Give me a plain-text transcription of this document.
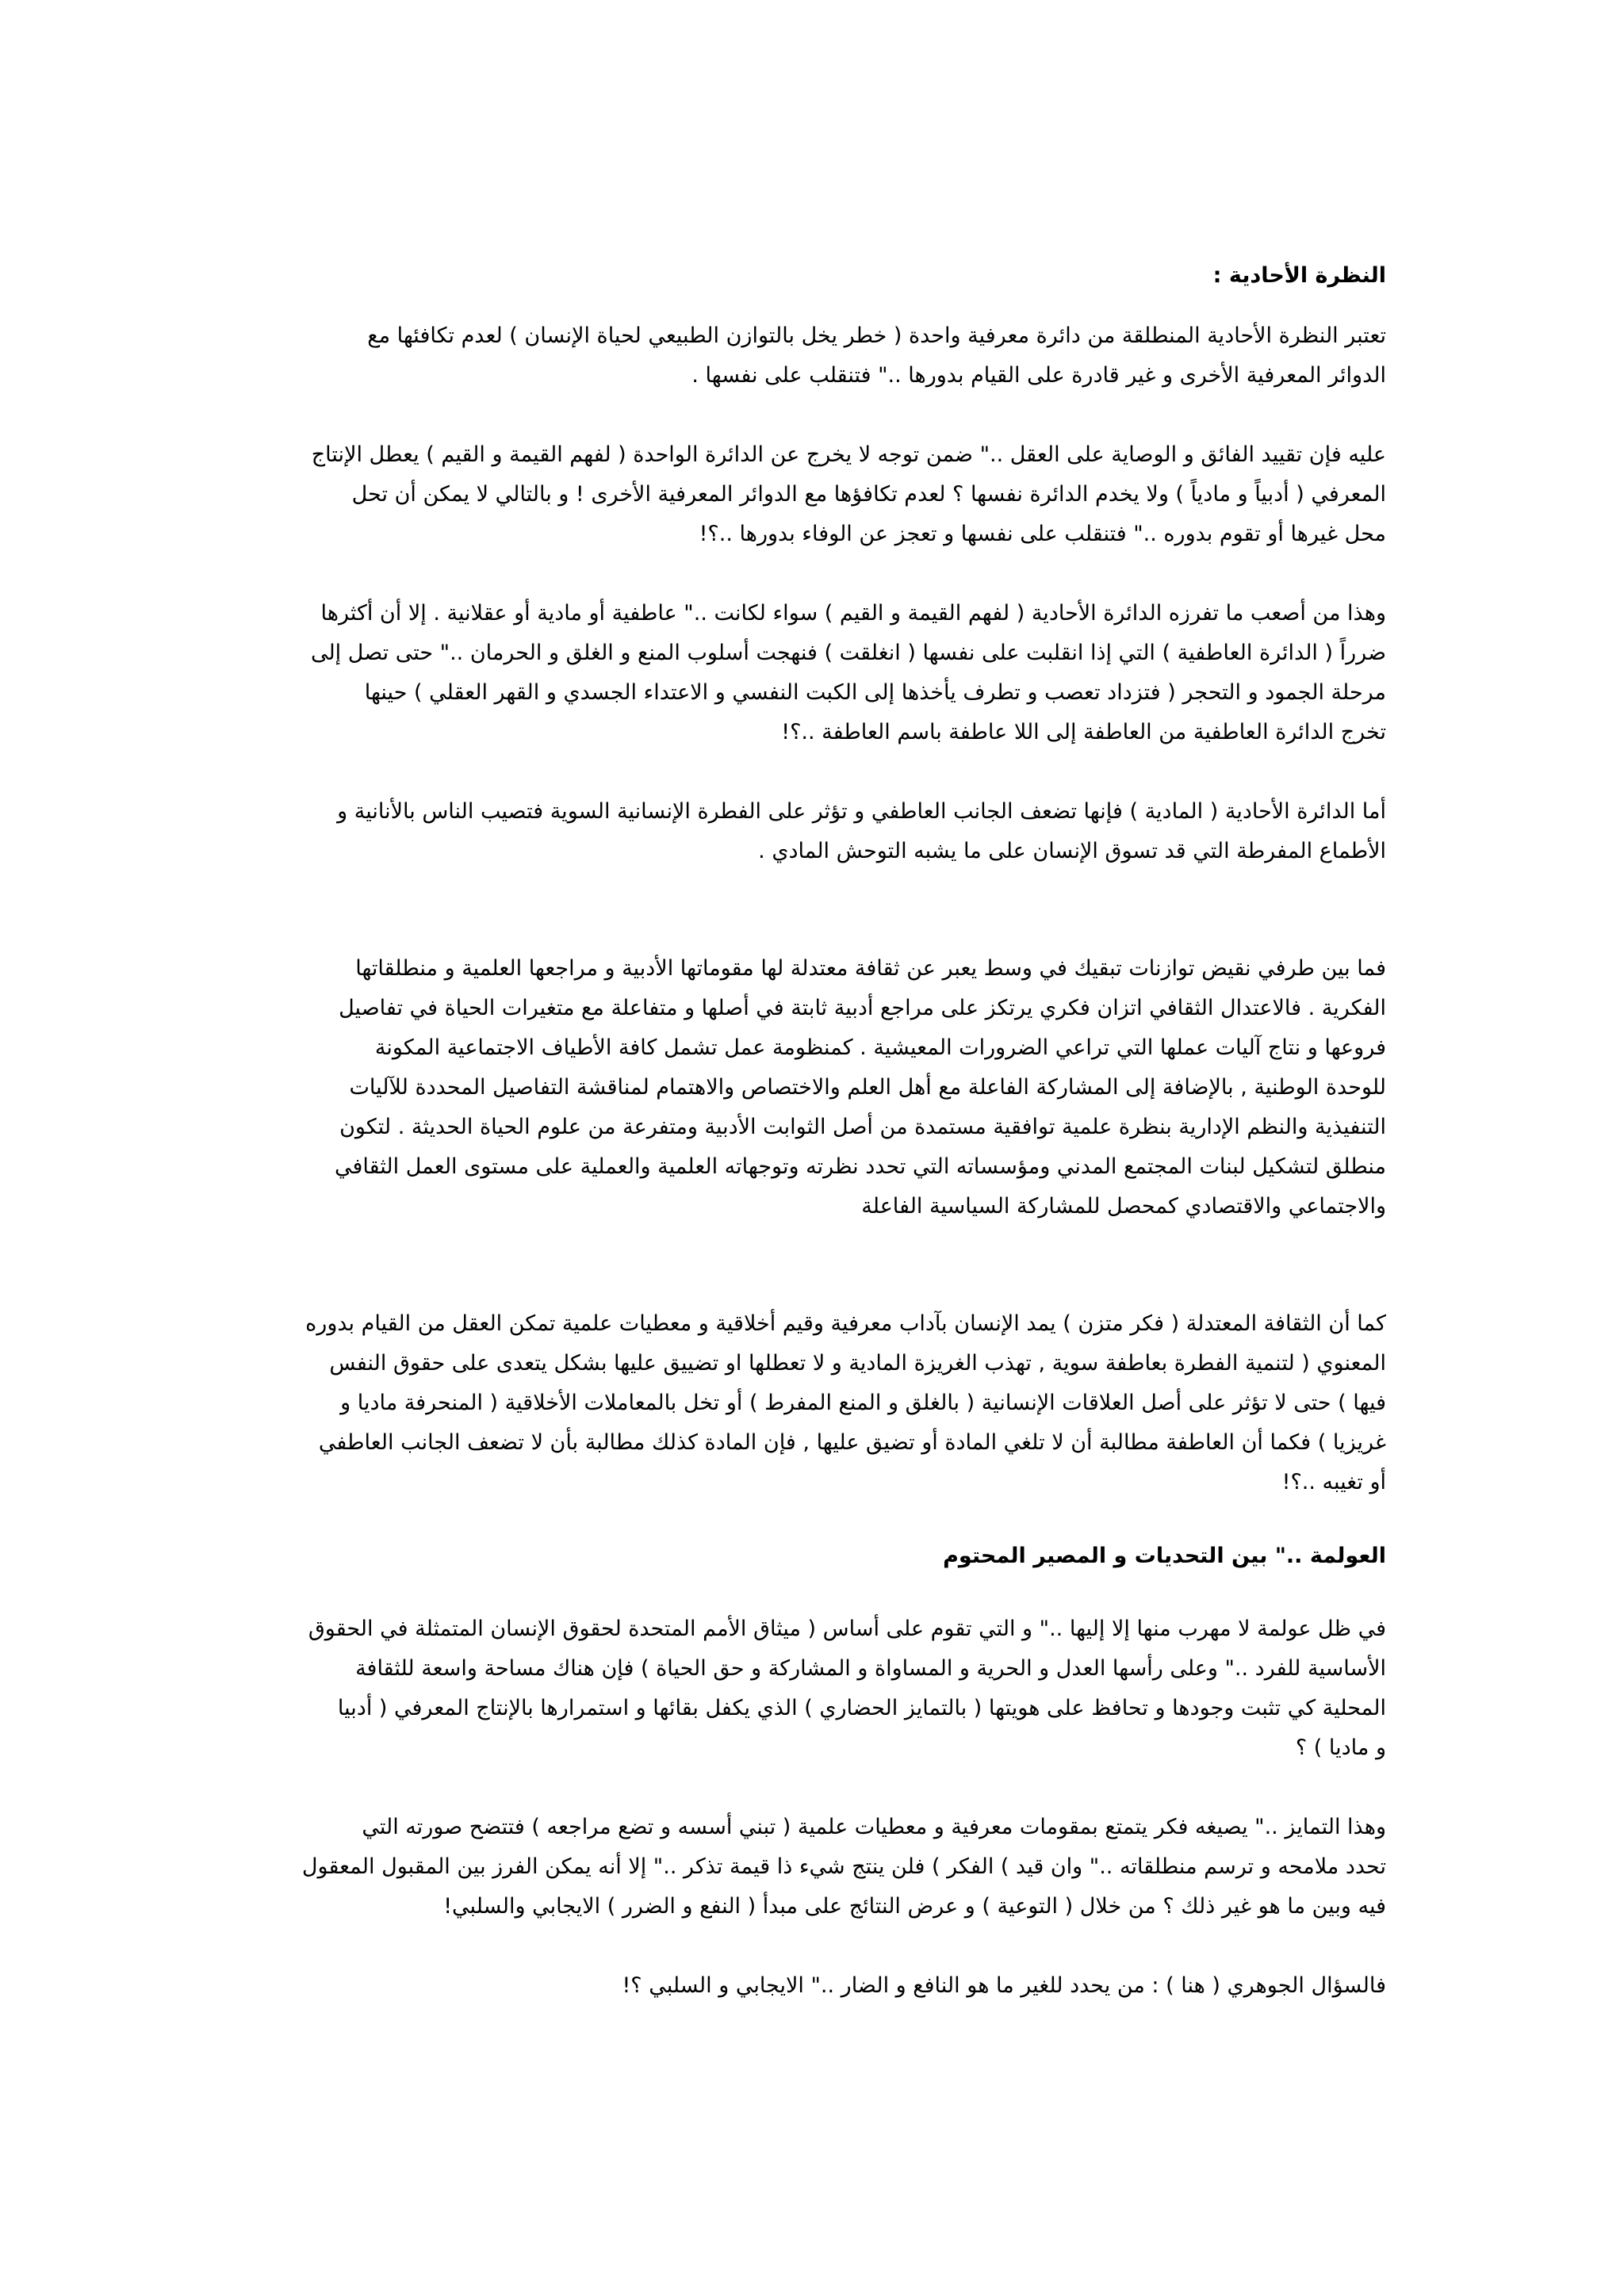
النظرة الأحادية :

تعتبر النظرة الأحادية المنطلقة من دائرة معرفية واحدة ( خطر يخل بالتوازن الطبيعي لحياة الإنسان ) لعدم تكافئها مع
الدوائر المعرفية الأخرى و غير قادرة على القيام بدورها .." فتنقلب على نفسها .

عليه فإن تقييد الفائق و الوصاية على العقل .." ضمن توجه لا يخرج عن الدائرة الواحدة ( لفهم القيمة و القيم ) يعطل الإنتاج
المعرفي ( أدبياً و مادياً ) ولا يخدم الدائرة نفسها ؟ لعدم تكافؤها مع الدوائر المعرفية الأخرى ! و بالتالي لا يمكن أن تحل
محل غيرها أو تقوم بدوره .." فتنقلب على نفسها و تعجز عن الوفاء بدورها ..؟!

وهذا من أصعب ما تفرزه الدائرة الأحادية ( لفهم القيمة و القيم ) سواء لكانت .." عاطفية أو مادية أو عقلانية . إلا أن أكثرها
ضرراً ( الدائرة العاطفية ) التي إذا انقلبت على نفسها ( انغلقت ) فنهجت أسلوب المنع و الغلق و الحرمان .." حتى تصل إلى
مرحلة الجمود و التحجر ( فتزداد تعصب و تطرف يأخذها إلى الكبت النفسي و الاعتداء الجسدي و القهر العقلي ) حينها
تخرج الدائرة العاطفية من العاطفة إلى اللا عاطفة باسم العاطفة ..؟!

أما الدائرة الأحادية ( المادية ) فإنها تضعف الجانب العاطفي و تؤثر على الفطرة الإنسانية السوية فتصيب الناس بالأنانية و
الأطماع المفرطة التي قد تسوق الإنسان على ما يشبه التوحش المادي .

فما بين طرفي نقيض توازنات تبقيك في وسط يعبر عن ثقافة معتدلة لها مقوماتها الأدبية و مراجعها العلمية و منطلقاتها
الفكرية . فالاعتدال الثقافي اتزان فكري يرتكز على مراجع أدبية ثابتة في أصلها و متفاعلة مع متغيرات الحياة في تفاصيل
فروعها و نتاج آليات عملها التي تراعي الضرورات المعيشية . كمنظومة عمل تشمل كافة الأطياف الاجتماعية المكونة
للوحدة الوطنية , بالإضافة إلى المشاركة الفاعلة مع أهل العلم والاختصاص والاهتمام لمناقشة التفاصيل المحددة للآليات
التنفيذية والنظم الإدارية بنظرة علمية توافقية مستمدة من أصل الثوابت الأدبية ومتفرعة من علوم الحياة الحديثة . لتكون
منطلق لتشكيل لبنات المجتمع المدني ومؤسساته التي تحدد نظرته وتوجهاته العلمية والعملية على مستوى العمل الثقافي
والاجتماعي والاقتصادي كمحصل للمشاركة السياسية الفاعلة

كما أن الثقافة المعتدلة ( فكر متزن ) يمد الإنسان بآداب معرفية وقيم أخلاقية و معطيات علمية تمكن العقل من القيام بدوره
المعنوي ( لتنمية الفطرة بعاطفة سوية , تهذب الغريزة المادية و لا تعطلها او تضييق عليها بشكل يتعدى على حقوق النفس
فيها ) حتى لا تؤثر على أصل العلاقات الإنسانية ( بالغلق و المنع المفرط ) أو تخل بالمعاملات الأخلاقية ( المنحرفة ماديا و
غريزيا ) فكما أن العاطفة مطالبة أن لا تلغي المادة أو تضيق عليها , فإن المادة كذلك مطالبة بأن لا تضعف الجانب العاطفي
أو تغيبه ..؟!

العولمة .." بين التحديات و المصير المحتوم

في ظل عولمة لا مهرب منها إلا إليها .." و التي تقوم على أساس ( ميثاق الأمم المتحدة لحقوق الإنسان المتمثلة في الحقوق
الأساسية للفرد .." وعلى رأسها العدل و الحرية و المساواة و المشاركة و حق الحياة ) فإن هناك مساحة واسعة للثقافة
المحلية كي تثبت وجودها و تحافظ على هويتها ( بالتمايز الحضاري ) الذي يكفل بقائها و استمرارها بالإنتاج المعرفي ( أدبيا
و ماديا ) ؟

وهذا التمايز .." يصيغه فكر يتمتع بمقومات معرفية و معطيات علمية ( تبني أسسه و تضع مراجعه ) فتتضح صورته التي
تحدد ملامحه و ترسم منطلقاته .." وان قيد ) الفكر ) فلن ينتج شيء ذا قيمة تذكر .." إلا أنه يمكن الفرز بين المقبول المعقول
فيه وبين ما هو غير ذلك ؟ من خلال ( التوعية ) و عرض النتائج على مبدأ ( النفع و الضرر ) الايجابي والسلبي!

فالسؤال الجوهري ( هنا ) : من يحدد للغير ما هو النافع و الضار .." الايجابي و السلبي ؟!
